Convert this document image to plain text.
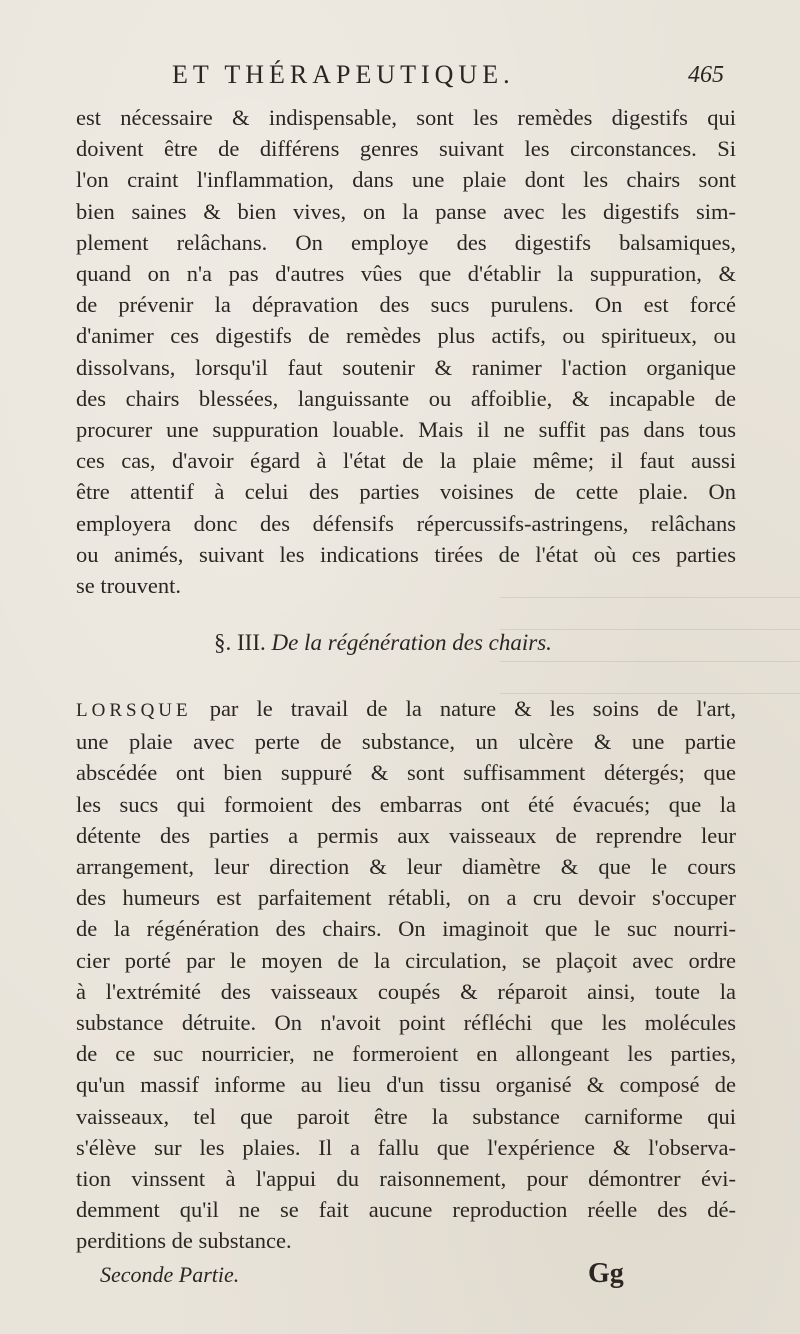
ET THÉRAPEUTIQUE.	465
est nécessaire & indispensable, sont les remèdes digestifs qui
doivent être de différens genres suivant les circonstances. Si
l'on craint l'inflammation, dans une plaie dont les chairs sont
bien saines & bien vives, on la panse avec les digestifs sim-
plement relâchans. On employe des digestifs balsamiques,
quand on n'a pas d'autres vûes que d'établir la suppuration, &
de prévenir la dépravation des sucs purulens. On est forcé
d'animer ces digestifs de remèdes plus actifs, ou spiritueux, ou
dissolvans, lorsqu'il faut soutenir & ranimer l'action organique
des chairs blessées, languissante ou affoiblie, & incapable de
procurer une suppuration louable. Mais il ne suffit pas dans tous
ces cas, d'avoir égard à l'état de la plaie même; il faut aussi
être attentif à celui des parties voisines de cette plaie. On
employera donc des défensifs répercussifs-astringens, relâchans
ou animés, suivant les indications tirées de l'état où ces parties
se trouvent.
§. III. De la régénération des chairs.
LORSQUE par le travail de la nature & les soins de l'art,
une plaie avec perte de substance, un ulcère & une partie
abscédée ont bien suppuré & sont suffisamment détergés; que
les sucs qui formoient des embarras ont été évacués; que la
détente des parties a permis aux vaisseaux de reprendre leur
arrangement, leur direction & leur diamètre & que le cours
des humeurs est parfaitement rétabli, on a cru devoir s'occuper
de la régénération des chairs. On imaginoit que le suc nourri-
cier porté par le moyen de la circulation, se plaçoit avec ordre
à l'extrémité des vaisseaux coupés & réparoit ainsi, toute la
substance détruite. On n'avoit point réfléchi que les molécules
de ce suc nourricier, ne formeroient en allongeant les parties,
qu'un massif informe au lieu d'un tissu organisé & composé de
vaisseaux, tel que paroit être la substance carniforme qui
s'élève sur les plaies. Il a fallu que l'expérience & l'observa-
tion vinssent à l'appui du raisonnement, pour démontrer évi-
demment qu'il ne se fait aucune reproduction réelle des dé-
perditions de substance.
Seconde Partie.	Gg
